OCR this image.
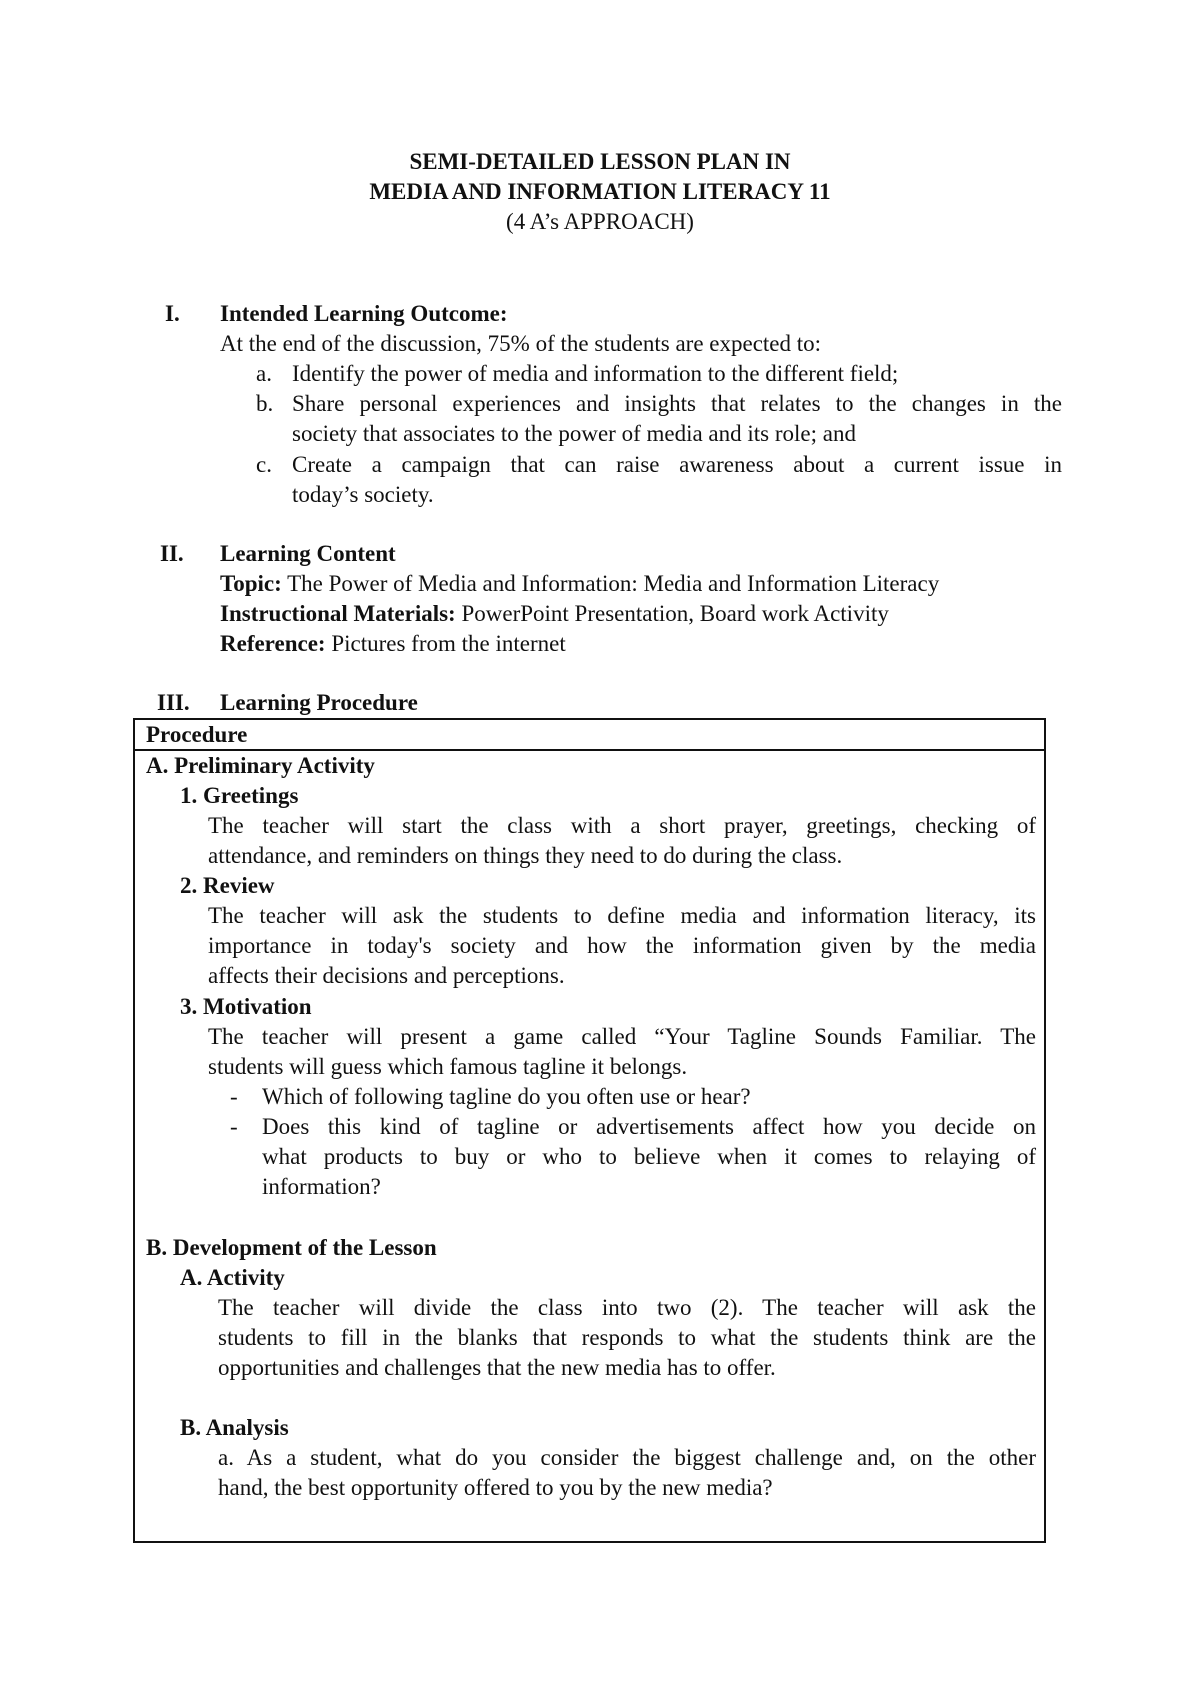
SEMI-DETAILED LESSON PLAN IN
MEDIA AND INFORMATION LITERACY 11
(4 A’s APPROACH)
I. Intended Learning Outcome:
At the end of the discussion, 75% of the students are expected to:
a. Identify the power of media and information to the different field;
b. Share personal experiences and insights that relates to the changes in the
society that associates to the power of media and its role; and
c. Create a campaign that can raise awareness about a current issue in
today’s society.
II. Learning Content
Topic: The Power of Media and Information: Media and Information Literacy
Instructional Materials: PowerPoint Presentation, Board work Activity
Reference: Pictures from the internet
III. Learning Procedure
Procedure
A. Preliminary Activity
1. Greetings
The teacher will start the class with a short prayer, greetings, checking of
attendance, and reminders on things they need to do during the class.
2. Review
The teacher will ask the students to define media and information literacy, its
importance in today's society and how the information given by the media
affects their decisions and perceptions.
3. Motivation
The teacher will present a game called “Your Tagline Sounds Familiar. The
students will guess which famous tagline it belongs.
- Which of following tagline do you often use or hear?
- Does this kind of tagline or advertisements affect how you decide on
what products to buy or who to believe when it comes to relaying of
information?
B. Development of the Lesson
A. Activity
The teacher will divide the class into two (2). The teacher will ask the
students to fill in the blanks that responds to what the students think are the
opportunities and challenges that the new media has to offer.
B. Analysis
a. As a student, what do you consider the biggest challenge and, on the other
hand, the best opportunity offered to you by the new media?
